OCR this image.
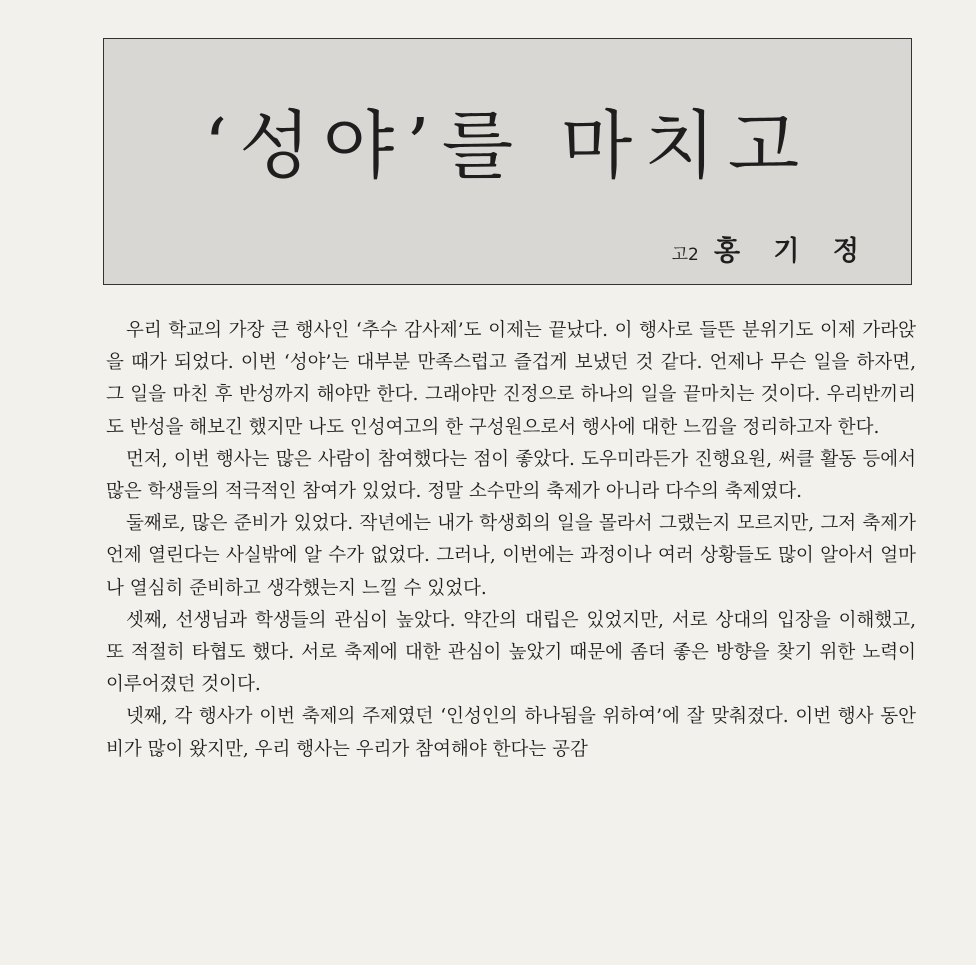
‘성야’를 마치고
고2 홍 기 정

우리 학교의 가장 큰 행사인 ‘추수 감사제’도 이제는 끝났다. 이 행사로 들뜬 분위기도 이제 가라앉을 때가 되었다. 이번 ‘성야’는 대부분 만족스럽고 즐겁게 보냈던 것 같다. 언제나 무슨 일을 하자면, 그 일을 마친 후 반성까지 해야만 한다. 그래야만 진정으로 하나의 일을 끝마치는 것이다. 우리반끼리도 반성을 해보긴 했지만 나도 인성여고의 한 구성원으로서 행사에 대한 느낌을 정리하고자 한다.

먼저, 이번 행사는 많은 사람이 참여했다는 점이 좋았다. 도우미라든가 진행요원, 써클 활동 등에서 많은 학생들의 적극적인 참여가 있었다. 정말 소수만의 축제가 아니라 다수의 축제였다.

둘째로, 많은 준비가 있었다. 작년에는 내가 학생회의 일을 몰라서 그랬는지 모르지만, 그저 축제가 언제 열린다는 사실밖에 알 수가 없었다. 그러나, 이번에는 과정이나 여러 상황들도 많이 알아서 얼마나 열심히 준비하고 생각했는지 느낄 수 있었다.

셋째, 선생님과 학생들의 관심이 높았다. 약간의 대립은 있었지만, 서로 상대의 입장을 이해했고, 또 적절히 타협도 했다. 서로 축제에 대한 관심이 높았기 때문에 좀더 좋은 방향을 찾기 위한 노력이 이루어졌던 것이다.

넷째, 각 행사가 이번 축제의 주제였던 ‘인성인의 하나됨을 위하여’에 잘 맞춰졌다. 이번 행사 동안 비가 많이 왔지만, 우리 행사는 우리가 참여해야 한다는 공감
